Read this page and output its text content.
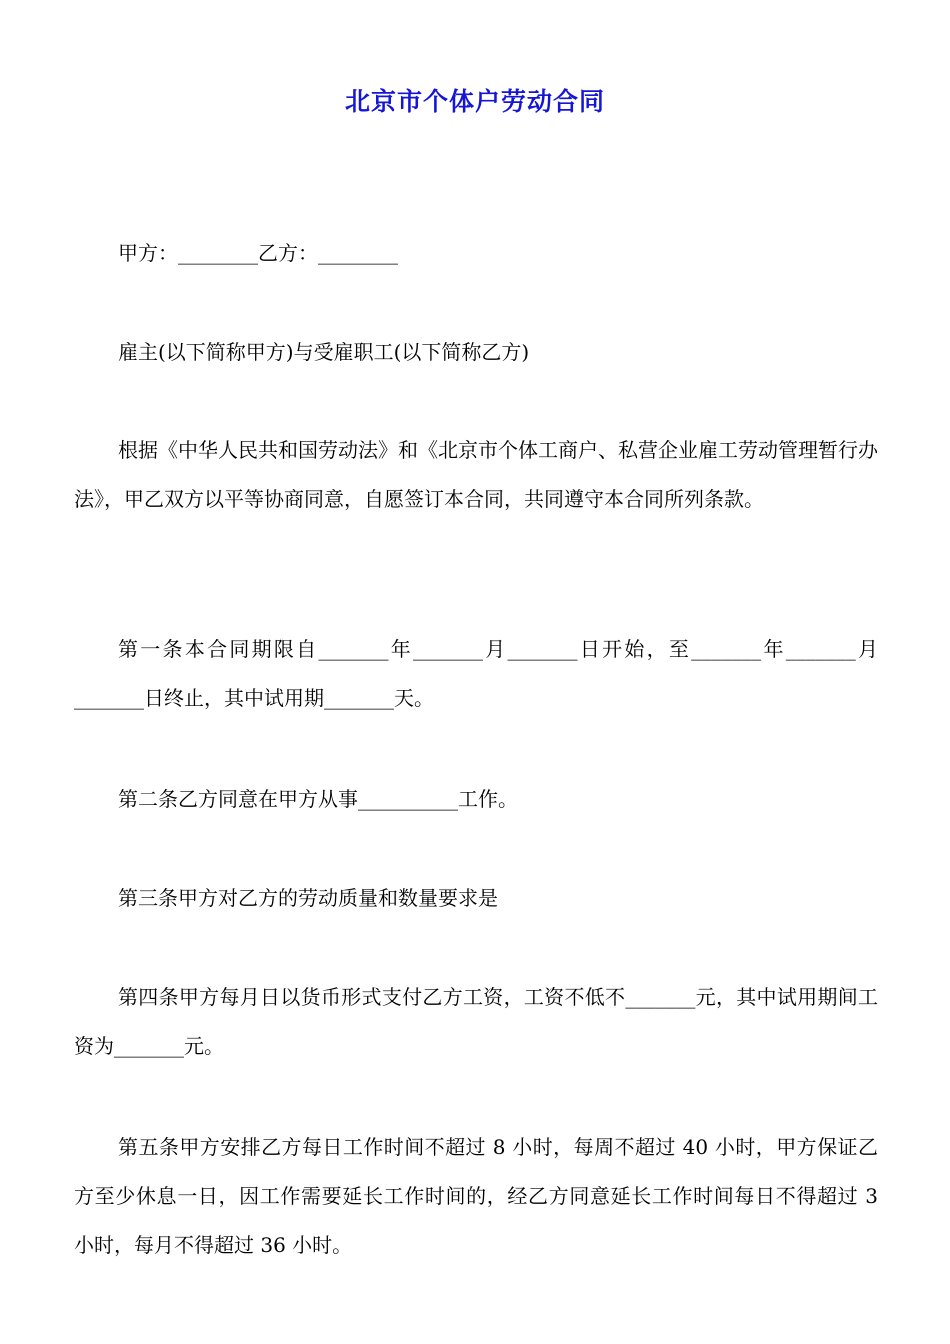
北京市个体户劳动合同
甲方：________乙方：________
雇主(以下简称甲方)与受雇职工(以下简称乙方)
根据《中华人民共和国劳动法》和《北京市个体工商户、私营企业雇工劳动管理暂行办法》，甲乙双方以平等协商同意，自愿签订本合同，共同遵守本合同所列条款。
第一条本合同期限自_______年_______月_______日开始，至_______年_______月_______日终止，其中试用期_______天。
第二条乙方同意在甲方从事__________工作。
第三条甲方对乙方的劳动质量和数量要求是
第四条甲方每月日以货币形式支付乙方工资，工资不低不_______元，其中试用期间工资为_______元。
第五条甲方安排乙方每日工作时间不超过 8 小时，每周不超过 40 小时，甲方保证乙方至少休息一日，因工作需要延长工作时间的，经乙方同意延长工作时间每日不得超过 3 小时，每月不得超过 36 小时。
